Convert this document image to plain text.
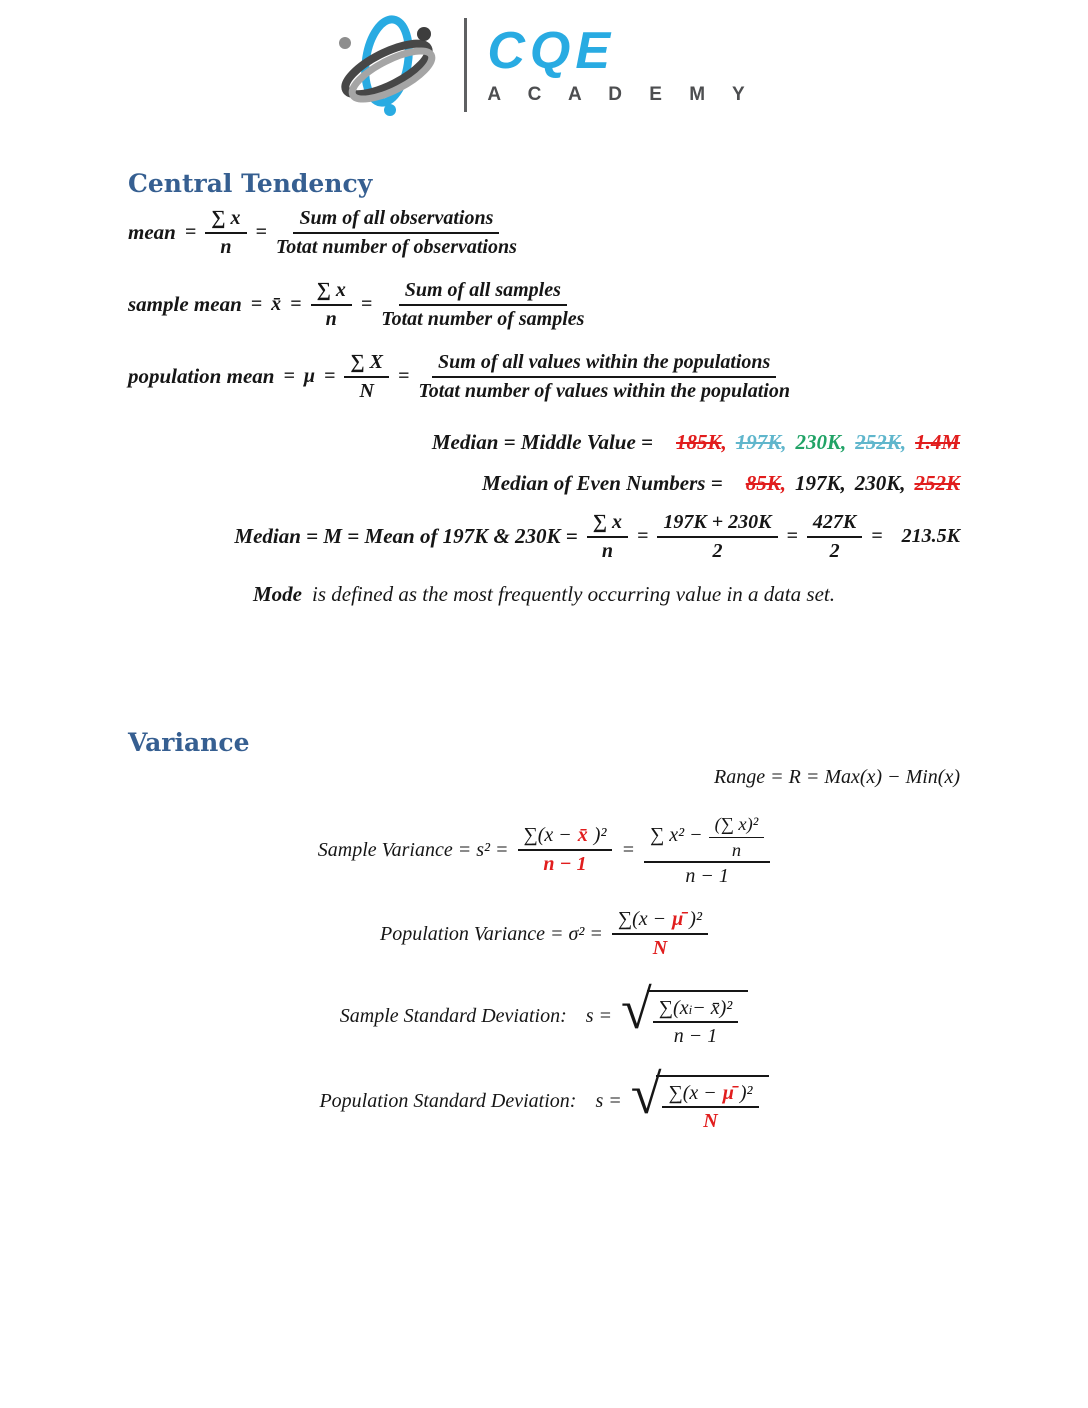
CQE
A C A D E M Y
Central Tendency
mean = $\frac{\sum x}{n} = \frac{\text{Sum of all observations}}{\text{Totat number of observations}}$
sample mean = x̄ = $\frac{\sum x}{n} = \frac{\text{Sum of all samples}}{\text{Totat number of samples}}$
population mean = $\mu = \frac{\sum X}{N} = \frac{\text{Sum of all values within the populations}}{\text{Totat number of values within the population}}$
Median = Middle Value = 185K, 197K, 230K, 252K, 1.4M
Median of Even Numbers = 85K, 197K, 230K, 252K
Median = M = Mean of 197K & $230K = \frac{\sum x}{n} = \frac{197K + 230K}{2} = \frac{427K}{2} = 213.5K$
Mode is defined as the most frequently occurring value in a data set.
Variance
Range = R = Max(x) − Min(x)
Sample Variance = $s^2 = \frac{\text{∑(x − x̄ )²}}{n - 1} = \frac{\sum x^2 - \frac{\text{(∑ x)²}}{n}}{n - 1}$
Population Variance = $\sigma^2 = \frac{\text{∑(x − μ̄ )²}}{N}$
Sample Standard Deviation: s = √ $\frac{\text{∑(x i − x̄)²}}{n - 1}$
Population Standard Deviation: s = √ $\frac{\text{∑(x − μ̄ )²}}{N}$
